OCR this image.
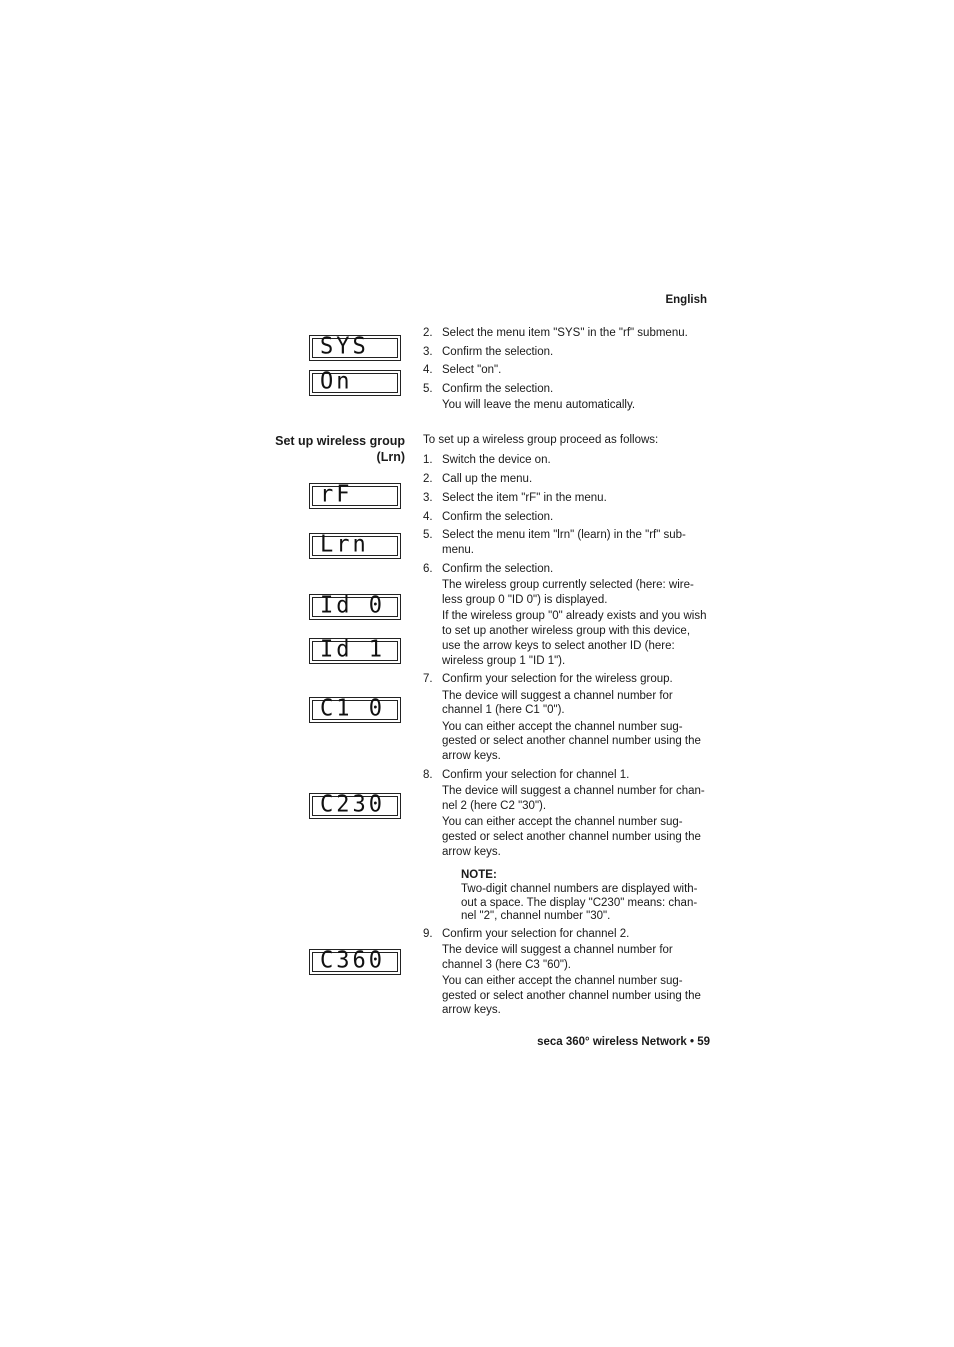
English
SYS
On
2. Select the menu item "SYS" in the "rf" submenu.
3. Confirm the selection.
4. Select "on".
5. Confirm the selection.
You will leave the menu automatically.
Set up wireless group
(Lrn)
To set up a wireless group proceed as follows:
rF
Lrn
Id 0
Id 1
C1 0
C230
C360
1. Switch the device on.
2. Call up the menu.
3. Select the item "rF" in the menu.
4. Confirm the selection.
5. Select the menu item "lrn" (learn) in the "rf" sub-
menu.
6. Confirm the selection.
The wireless group currently selected (here: wire-
less group 0 "ID 0") is displayed.
If the wireless group "0" already exists and you wish
to set up another wireless group with this device,
use the arrow keys to select another ID (here:
wireless group 1 "ID 1").
7. Confirm your selection for the wireless group.
The device will suggest a channel number for
channel 1 (here C1 "0").
You can either accept the channel number sug-
gested or select another channel number using the
arrow keys.
8. Confirm your selection for channel 1.
The device will suggest a channel number for chan-
nel 2 (here C2 "30").
You can either accept the channel number sug-
gested or select another channel number using the
arrow keys.
NOTE:
Two-digit channel numbers are displayed with-
out a space. The display "C230" means: chan-
nel "2", channel number "30".
9. Confirm your selection for channel 2.
The device will suggest a channel number for
channel 3 (here C3 "60").
You can either accept the channel number sug-
gested or select another channel number using the
arrow keys.
seca 360° wireless Network • 59
